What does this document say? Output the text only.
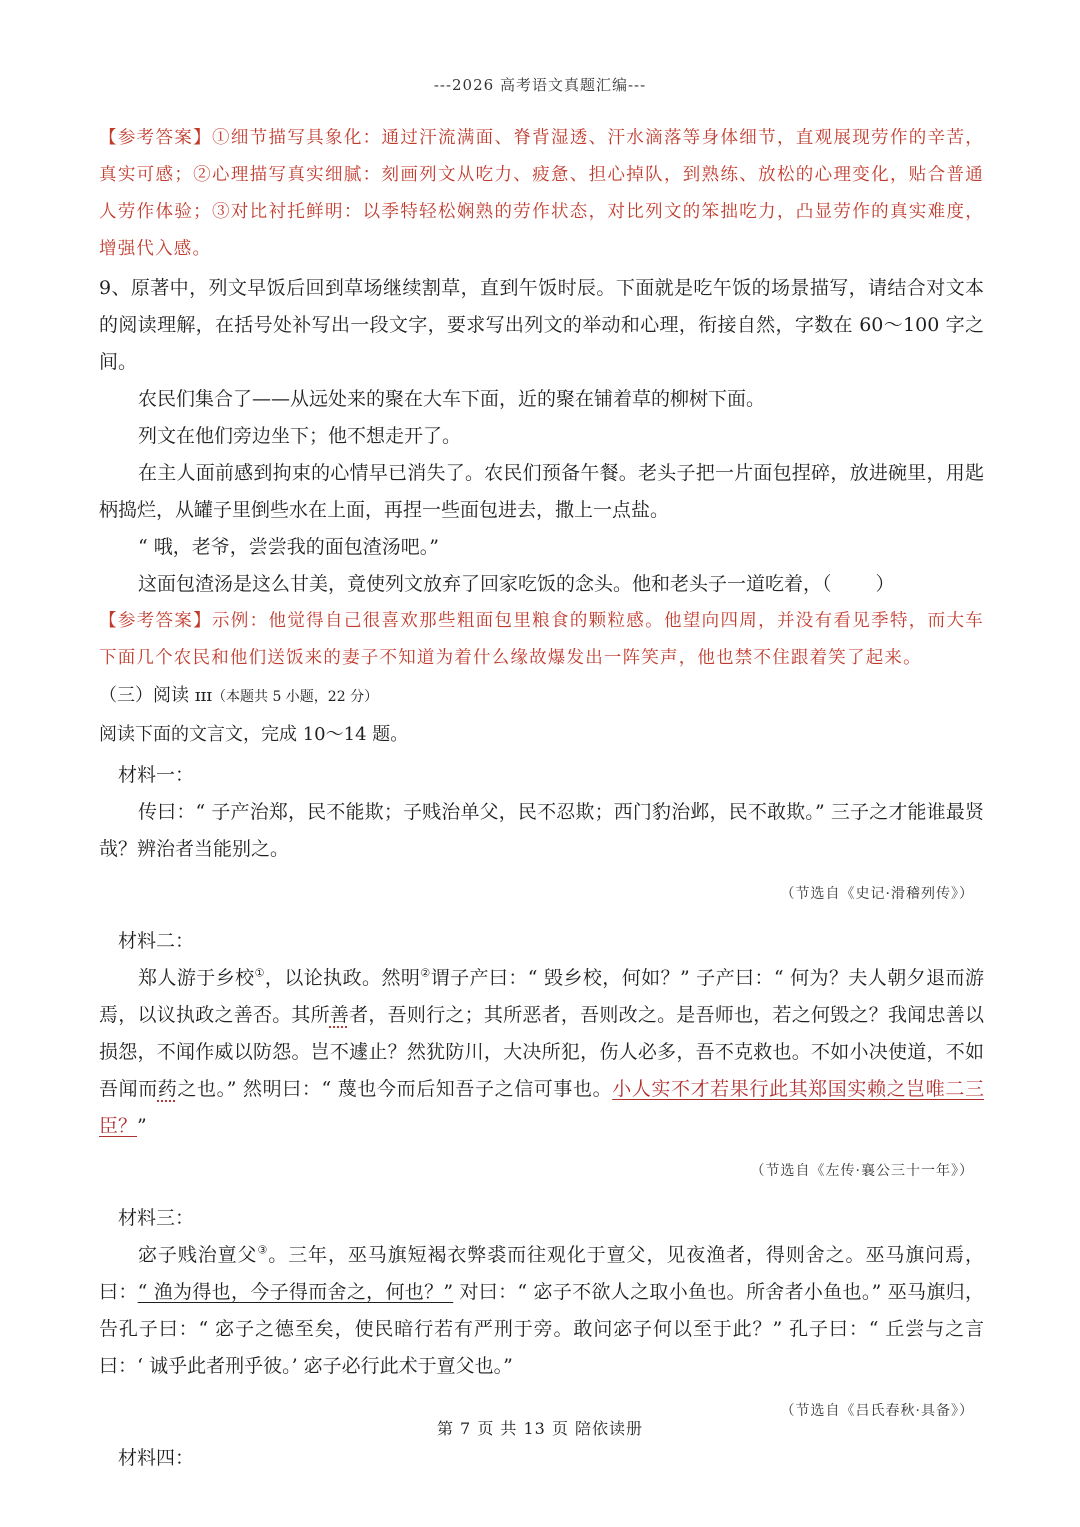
---2026 高考语文真题汇编---

【参考答案】①细节描写具象化：通过汗流满面、脊背湿透、汗水滴落等身体细节，直观展现劳作的辛苦，真实可感；②心理描写真实细腻：刻画列文从吃力、疲惫、担心掉队，到熟练、放松的心理变化，贴合普通人劳作体验；③对比衬托鲜明：以季特轻松娴熟的劳作状态，对比列文的笨拙吃力，凸显劳作的真实难度，增强代入感。

9、原著中，列文早饭后回到草场继续割草，直到午饭时辰。下面就是吃午饭的场景描写，请结合对文本的阅读理解，在括号处补写出一段文字，要求写出列文的举动和心理，衔接自然，字数在 60～100 字之间。

农民们集合了——从远处来的聚在大车下面，近的聚在铺着草的柳树下面。

列文在他们旁边坐下；他不想走开了。

在主人面前感到拘束的心情早已消失了。农民们预备午餐。老头子把一片面包捏碎，放进碗里，用匙柄捣烂，从罐子里倒些水在上面，再捏一些面包进去，撒上一点盐。

“ 哦，老爷，尝尝我的面包渣汤吧。”

这面包渣汤是这么甘美，竟使列文放弃了回家吃饭的念头。他和老头子一道吃着，（ ）

【参考答案】示例：他觉得自己很喜欢那些粗面包里粮食的颗粒感。他望向四周，并没有看见季特，而大车下面几个农民和他们送饭来的妻子不知道为着什么缘故爆发出一阵笑声，他也禁不住跟着笑了起来。

（三）阅读 ɪɪɪ（本题共 5 小题，22 分）

阅读下面的文言文，完成 10～14 题。

材料一：

传曰：“ 子产治郑，民不能欺；子贱治单父，民不忍欺；西门豹治邺，民不敢欺。” 三子之才能谁最贤哉？辨治者当能别之。

（节选自《史记·滑稽列传》）

材料二：

郑人游于乡校①，以论执政。然明②谓子产曰：“ 毁乡校，何如？” 子产曰：“ 何为？夫人朝夕退而游焉，以议执政之善否。其所善者，吾则行之；其所恶者，吾则改之。是吾师也，若之何毁之？我闻忠善以损怨，不闻作威以防怨。岂不遽止？然犹防川，大决所犯，伤人必多，吾不克救也。不如小决使道，不如吾闻而药之也。” 然明曰：“ 蔑也今而后知吾子之信可事也。小人实不才若果行此其郑国实赖之岂唯二三臣？”

（节选自《左传·襄公三十一年》）

材料三：

宓子贱治亶父③。三年，巫马旗短褐衣弊裘而往观化于亶父，见夜渔者，得则舍之。巫马旗问焉，曰：“ 渔为得也，今子得而舍之，何也？” 对曰：“ 宓子不欲人之取小鱼也。所舍者小鱼也。” 巫马旗归，告孔子曰：“ 宓子之德至矣，使民暗行若有严刑于旁。敢问宓子何以至于此？” 孔子曰：“ 丘尝与之言曰：‘ 诚乎此者刑乎彼。’ 宓子必行此术于亶父也。”

（节选自《吕氏春秋·具备》）

材料四：

第 7 页 共 13 页 陪依读册
